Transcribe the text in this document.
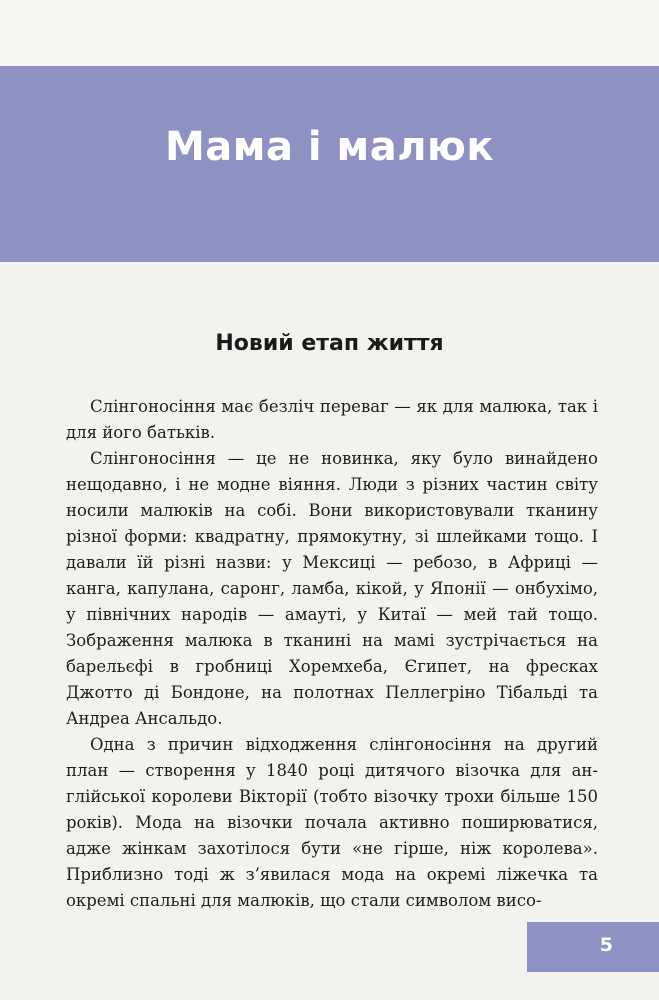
Мама і малюк
Новий етап життя

Слінгоносіння має безліч переваг — як для малюка, так і для його батьків.

Слінгоносіння — це не новинка, яку було винайдено нещодавно, і не модне віяння. Люди з різних частин світу носили малюків на собі. Вони використовували тканину різної форми: квадратну, прямокутну, зі шлейками тощо. І давали їй різні назви: у Мексиці — ребозо, в Африці — канга, капулана, саронг, ламба, кікой, у Японії — онбухімо, у північних народів — амауті, у Китаї — мей тай тощо. Зображення малюка в тканині на мамі зустрічається на барельєфі в гробниці Хоремхеба, Єгипет, на фресках Джотто ді Бондоне, на полотнах Пеллегріно Тібальді та Андреа Ансальдо.

Одна з причин відходження слінгоносіння на другий план — створення у 1840 році дитячого візочка для англійської королеви Вікторії (тобто візочку трохи більше 150 років). Мода на візочки почала активно поширюватися, адже жінкам захотілося бути «не гірше, ніж королева». Приблизно тоді ж з’явилася мода на окремі ліжечка та окремі спальні для малюків, що стали символом висо-

5
